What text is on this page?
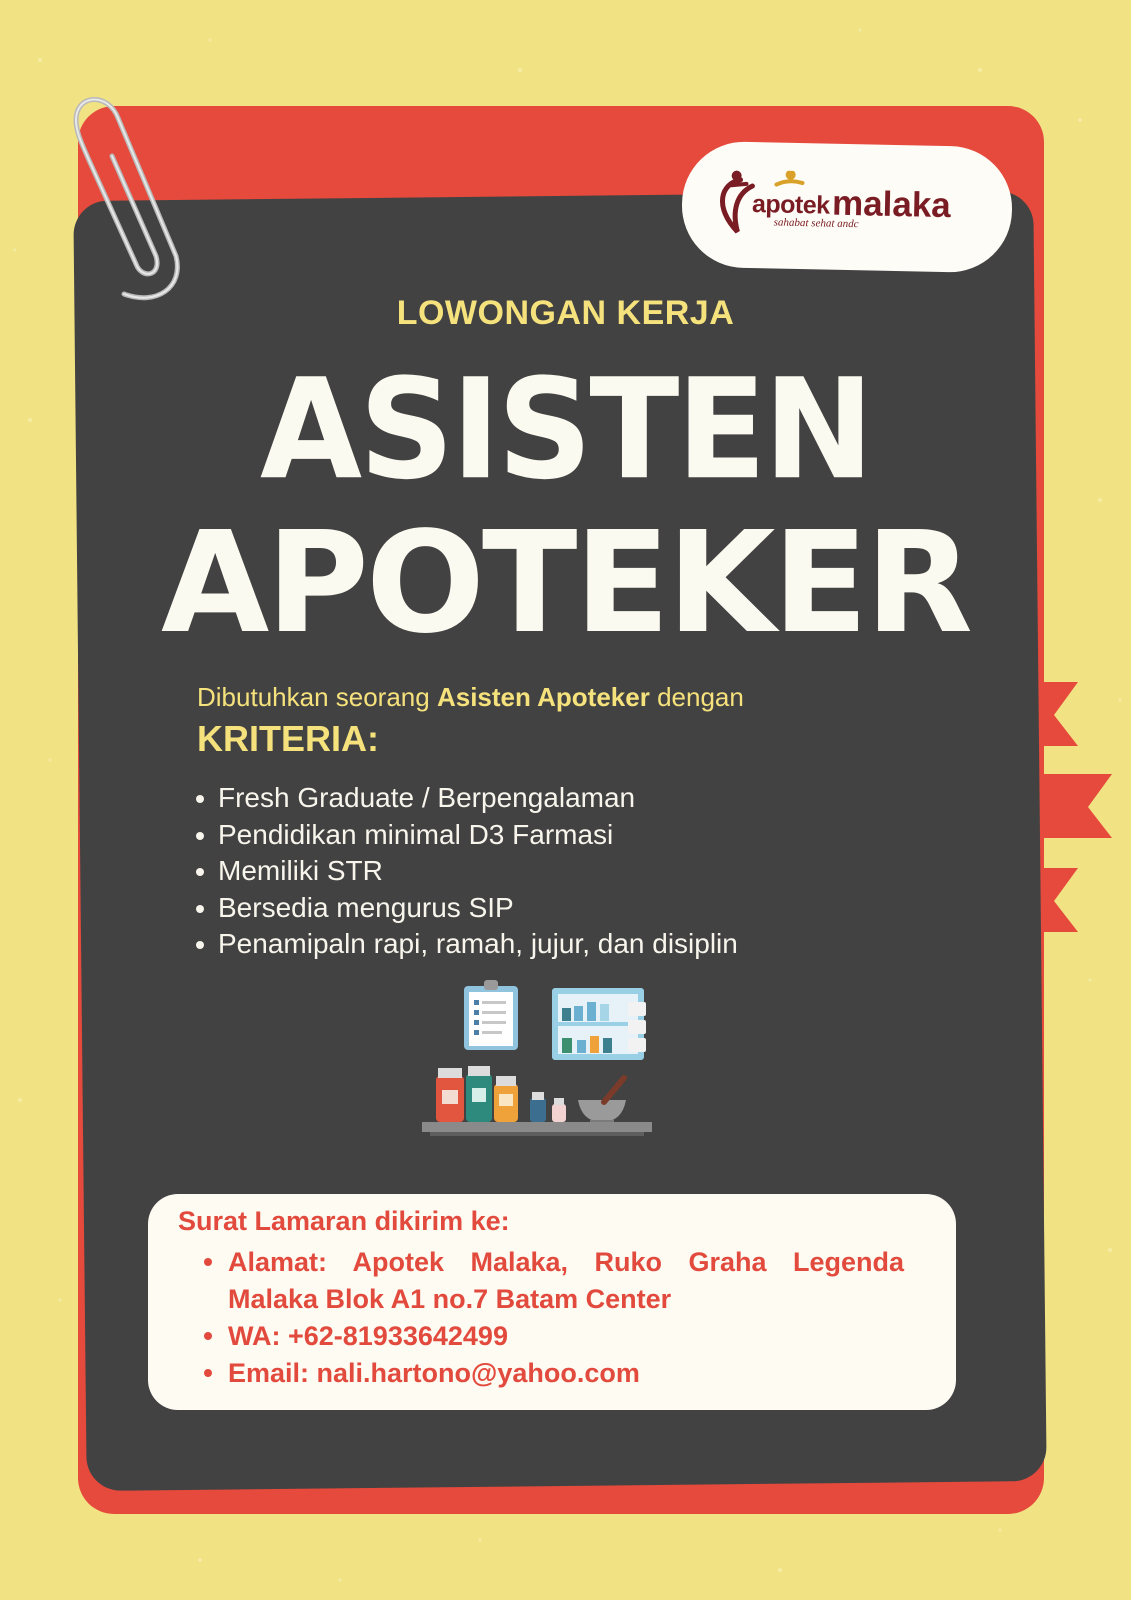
apotek malaka
sahabat sehat andc
LOWONGAN KERJA
ASISTEN
APOTEKER
Dibutuhkan seorang Asisten Apoteker dengan
KRITERIA:
Fresh Graduate / Berpengalaman
Pendidikan minimal D3 Farmasi
Memiliki STR
Bersedia mengurus SIP
Penamipaln rapi, ramah, jujur, dan disiplin
Surat Lamaran dikirim ke:
Alamat: Apotek Malaka, Ruko Graha Legenda
Malaka Blok A1 no.7 Batam Center
WA: +62-81933642499
Email: nali.hartono@yahoo.com
